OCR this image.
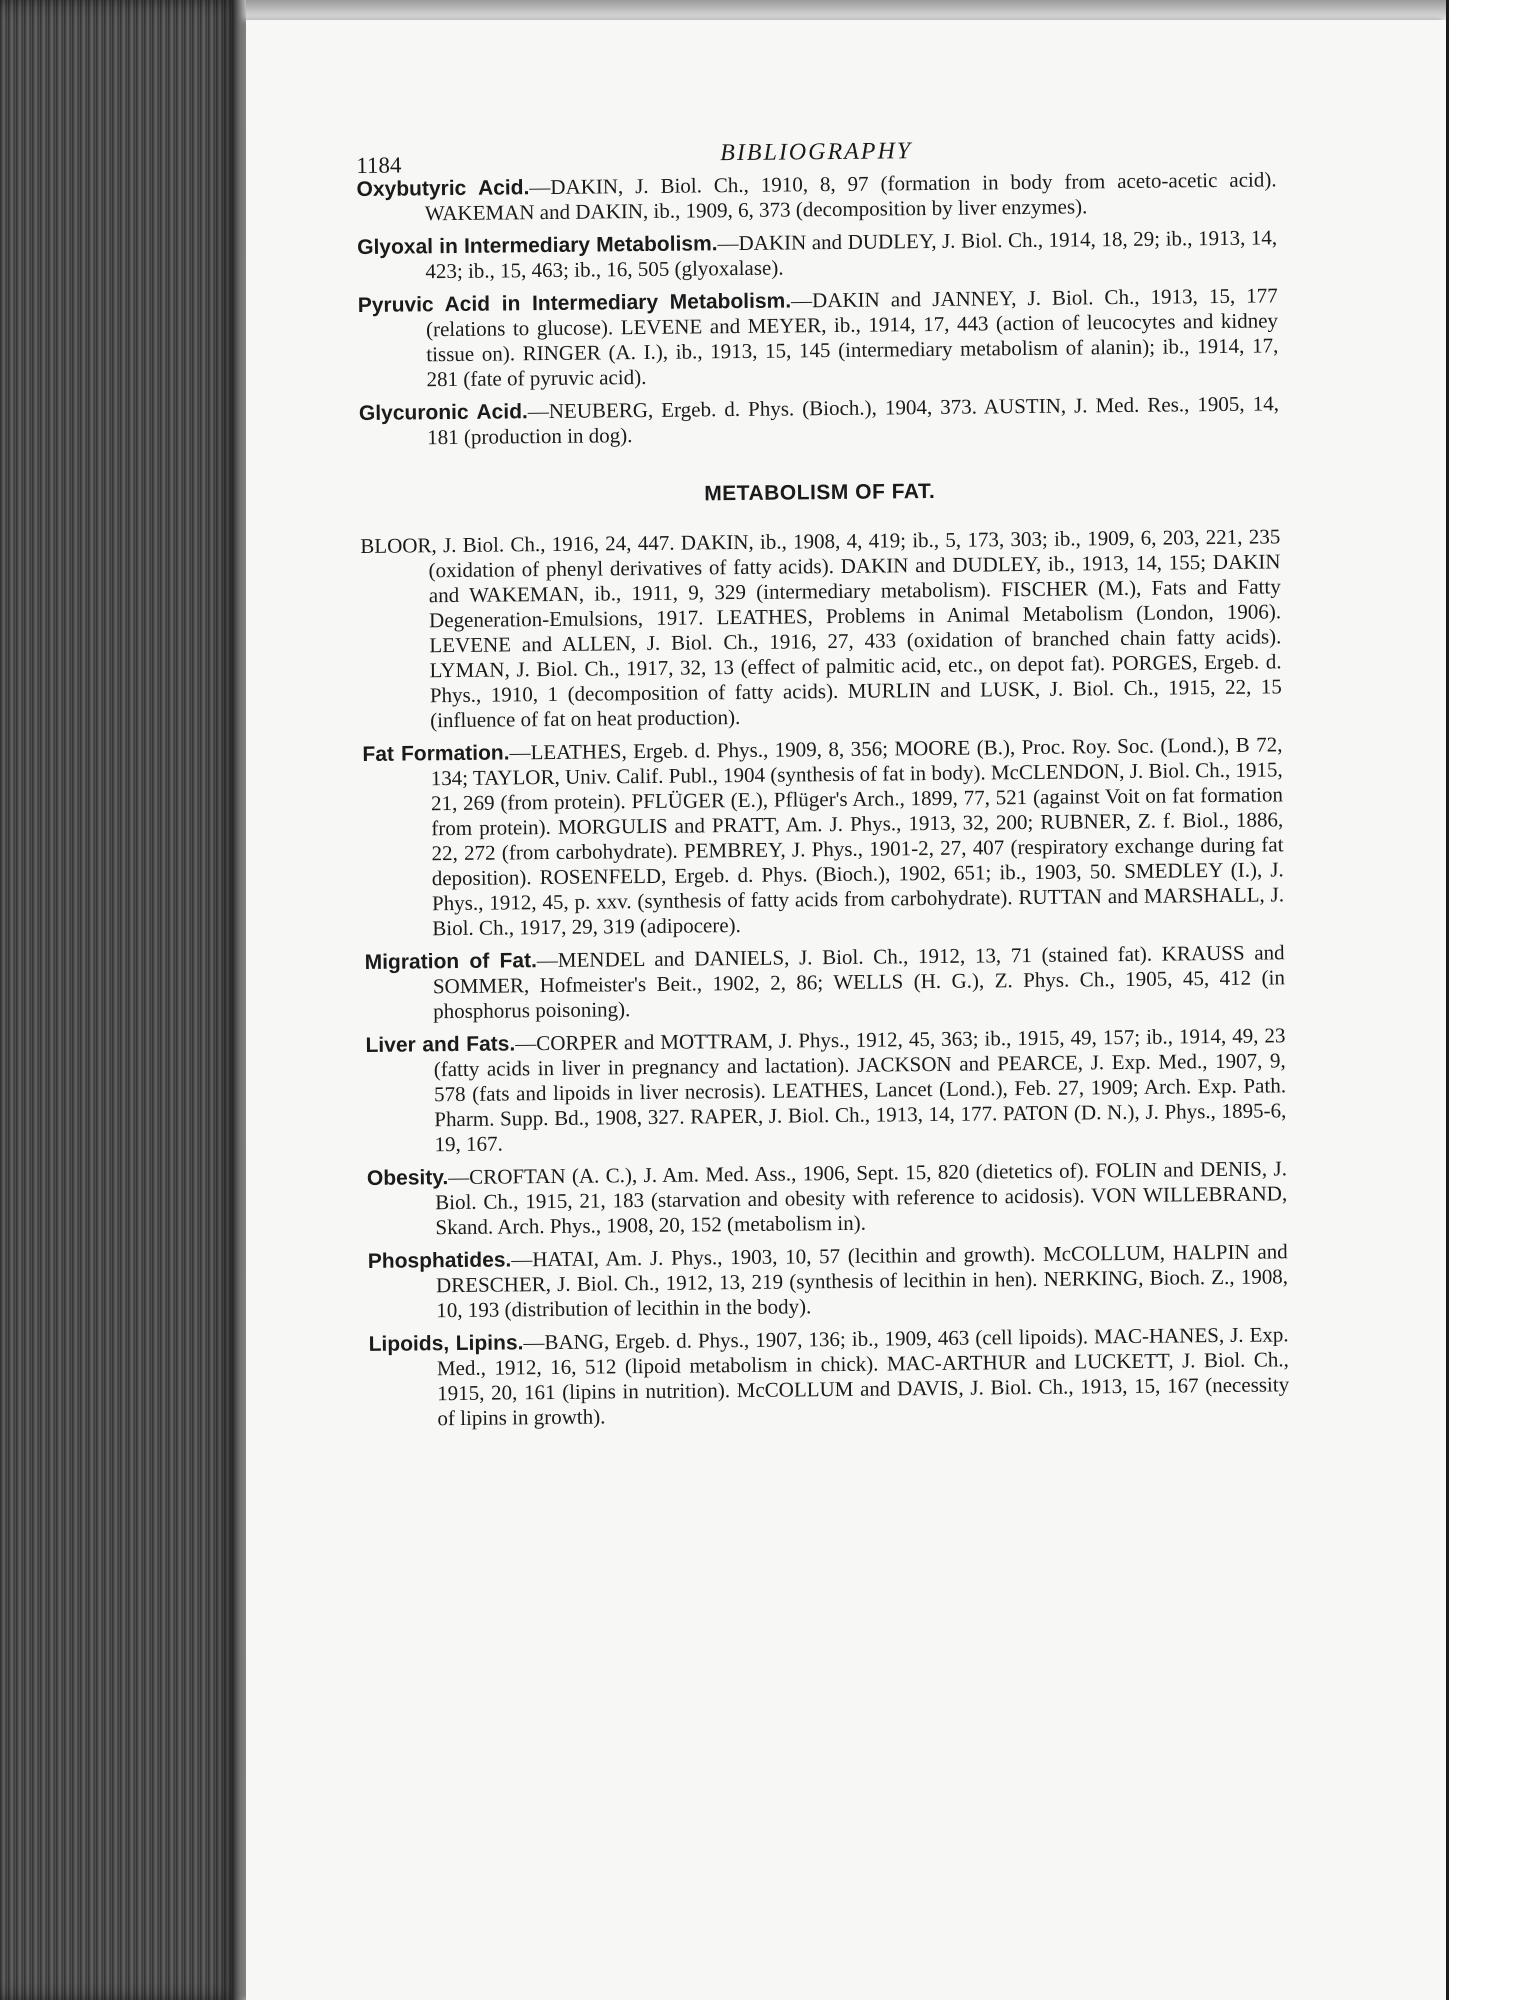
1184	BIBLIOGRAPHY

Oxybutyric Acid.—DAKIN, J. Biol. Ch., 1910, 8, 97 (formation in body from aceto-acetic acid). WAKEMAN and DAKIN, ib., 1909, 6, 373 (decomposition by liver enzymes).

Glyoxal in Intermediary Metabolism.—DAKIN and DUDLEY, J. Biol. Ch., 1914, 18, 29; ib., 1913, 14, 423; ib., 15, 463; ib., 16, 505 (glyoxalase).

Pyruvic Acid in Intermediary Metabolism.—DAKIN and JANNEY, J. Biol. Ch., 1913, 15, 177 (relations to glucose). LEVENE and MEYER, ib., 1914, 17, 443 (action of leucocytes and kidney tissue on). RINGER (A. I.), ib., 1913, 15, 145 (intermediary metabolism of alanin); ib., 1914, 17, 281 (fate of pyruvic acid).

Glycuronic Acid.—NEUBERG, Ergeb. d. Phys. (Bioch.), 1904, 373. AUSTIN, J. Med. Res., 1905, 14, 181 (production in dog).

METABOLISM OF FAT.

BLOOR, J. Biol. Ch., 1916, 24, 447. DAKIN, ib., 1908, 4, 419; ib., 5, 173, 303; ib., 1909, 6, 203, 221, 235 (oxidation of phenyl derivatives of fatty acids). DAKIN and DUDLEY, ib., 1913, 14, 155; DAKIN and WAKEMAN, ib., 1911, 9, 329 (intermediary metabolism). FISCHER (M.), Fats and Fatty Degeneration-Emulsions, 1917. LEATHES, Problems in Animal Metabolism (London, 1906). LEVENE and ALLEN, J. Biol. Ch., 1916, 27, 433 (oxidation of branched chain fatty acids). LYMAN, J. Biol. Ch., 1917, 32, 13 (effect of palmitic acid, etc., on depot fat). PORGES, Ergeb. d. Phys., 1910, 1 (decomposition of fatty acids). MURLIN and LUSK, J. Biol. Ch., 1915, 22, 15 (influence of fat on heat production).

Fat Formation.—LEATHES, Ergeb. d. Phys., 1909, 8, 356; MOORE (B.), Proc. Roy. Soc. (Lond.), B 72, 134; TAYLOR, Univ. Calif. Publ., 1904 (synthesis of fat in body). McCLENDON, J. Biol. Ch., 1915, 21, 269 (from protein). PFLÜGER (E.), Pflüger's Arch., 1899, 77, 521 (against Voit on fat formation from protein). MORGULIS and PRATT, Am. J. Phys., 1913, 32, 200; RUBNER, Z. f. Biol., 1886, 22, 272 (from carbohydrate). PEMBREY, J. Phys., 1901-2, 27, 407 (respiratory exchange during fat deposition). ROSENFELD, Ergeb. d. Phys. (Bioch.), 1902, 651; ib., 1903, 50. SMEDLEY (I.), J. Phys., 1912, 45, p. xxv. (synthesis of fatty acids from carbohydrate). RUTTAN and MARSHALL, J. Biol. Ch., 1917, 29, 319 (adipocere).

Migration of Fat.—MENDEL and DANIELS, J. Biol. Ch., 1912, 13, 71 (stained fat). KRAUSS and SOMMER, Hofmeister's Beit., 1902, 2, 86; WELLS (H. G.), Z. Phys. Ch., 1905, 45, 412 (in phosphorus poisoning).

Liver and Fats.—CORPER and MOTTRAM, J. Phys., 1912, 45, 363; ib., 1915, 49, 157; ib., 1914, 49, 23 (fatty acids in liver in pregnancy and lactation). JACKSON and PEARCE, J. Exp. Med., 1907, 9, 578 (fats and lipoids in liver necrosis). LEATHES, Lancet (Lond.), Feb. 27, 1909; Arch. Exp. Path. Pharm. Supp. Bd., 1908, 327. RAPER, J. Biol. Ch., 1913, 14, 177. PATON (D. N.), J. Phys., 1895-6, 19, 167.

Obesity.—CROFTAN (A. C.), J. Am. Med. Ass., 1906, Sept. 15, 820 (dietetics of). FOLIN and DENIS, J. Biol. Ch., 1915, 21, 183 (starvation and obesity with reference to acidosis). VON WILLEBRAND, Skand. Arch. Phys., 1908, 20, 152 (metabolism in).

Phosphatides.—HATAI, Am. J. Phys., 1903, 10, 57 (lecithin and growth). McCOLLUM, HALPIN and DRESCHER, J. Biol. Ch., 1912, 13, 219 (synthesis of lecithin in hen). NERKING, Bioch. Z., 1908, 10, 193 (distribution of lecithin in the body).

Lipoids, Lipins.—BANG, Ergeb. d. Phys., 1907, 136; ib., 1909, 463 (cell lipoids). MAC-HANES, J. Exp. Med., 1912, 16, 512 (lipoid metabolism in chick). MAC-ARTHUR and LUCKETT, J. Biol. Ch., 1915, 20, 161 (lipins in nutrition). McCOLLUM and DAVIS, J. Biol. Ch., 1913, 15, 167 (necessity of lipins in growth).
